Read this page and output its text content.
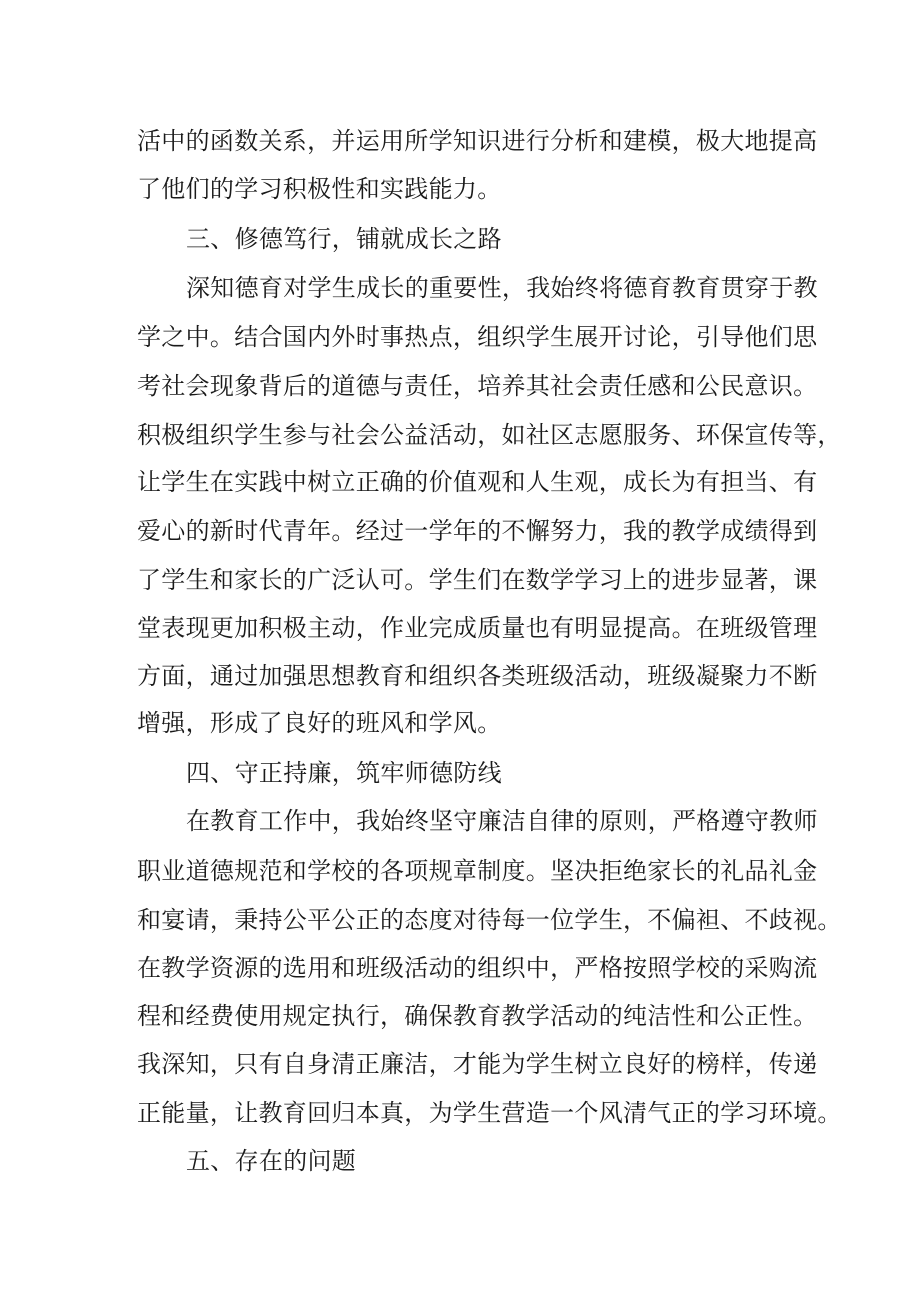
活中的函数关系，并运用所学知识进行分析和建模，极大地提高

了他们的学习积极性和实践能力。

三、修德笃行，铺就成长之路

深知德育对学生成长的重要性，我始终将德育教育贯穿于教

学之中。结合国内外时事热点，组织学生展开讨论，引导他们思

考社会现象背后的道德与责任，培养其社会责任感和公民意识。

积极组织学生参与社会公益活动，如社区志愿服务、环保宣传等，

让学生在实践中树立正确的价值观和人生观，成长为有担当、有

爱心的新时代青年。经过一学年的不懈努力，我的教学成绩得到

了学生和家长的广泛认可。学生们在数学学习上的进步显著，课

堂表现更加积极主动，作业完成质量也有明显提高。在班级管理

方面，通过加强思想教育和组织各类班级活动，班级凝聚力不断

增强，形成了良好的班风和学风。

四、守正持廉，筑牢师德防线

在教育工作中，我始终坚守廉洁自律的原则，严格遵守教师

职业道德规范和学校的各项规章制度。坚决拒绝家长的礼品礼金

和宴请，秉持公平公正的态度对待每一位学生，不偏袒、不歧视。

在教学资源的选用和班级活动的组织中，严格按照学校的采购流

程和经费使用规定执行，确保教育教学活动的纯洁性和公正性。

我深知，只有自身清正廉洁，才能为学生树立良好的榜样，传递

正能量，让教育回归本真，为学生营造一个风清气正的学习环境。

五、存在的问题
